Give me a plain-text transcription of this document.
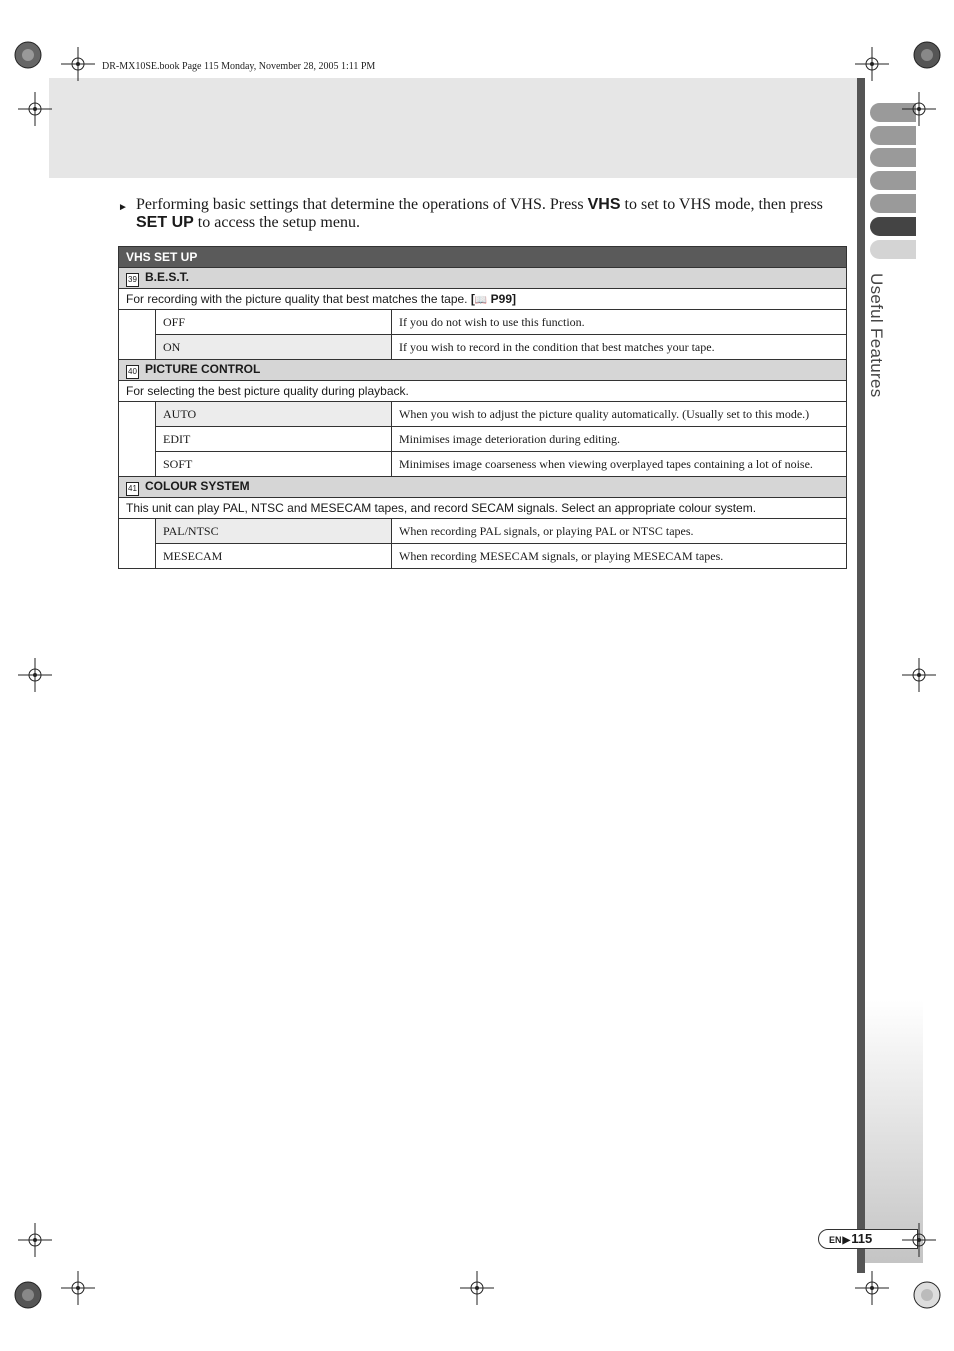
DR-MX10SE.book Page 115 Monday, November 28, 2005 1:11 PM
Useful Features
► Performing basic settings that determine the operations of VHS. Press VHS to set to VHS mode, then press SET UP to access the setup menu.
VHS SET UP		
39 B.E.S.T.		
For recording with the picture quality that best matches the tape. [📖 P99]		
	OFF	If you do not wish to use this function.
	ON	If you wish to record in the condition that best matches your tape.
40 PICTURE CONTROL		
For selecting the best picture quality during playback.		
	AUTO	When you wish to adjust the picture quality automatically. (Usually set to this mode.)
	EDIT	Minimises image deterioration during editing.
	SOFT	Minimises image coarseness when viewing overplayed tapes containing a lot of noise.
41 COLOUR SYSTEM		
This unit can play PAL, NTSC and MESECAM tapes, and record SECAM signals. Select an appropriate colour system.		
	PAL/NTSC	When recording PAL signals, or playing PAL or NTSC tapes.
	MESECAM	When recording MESECAM signals, or playing MESECAM tapes.
EN▶115
